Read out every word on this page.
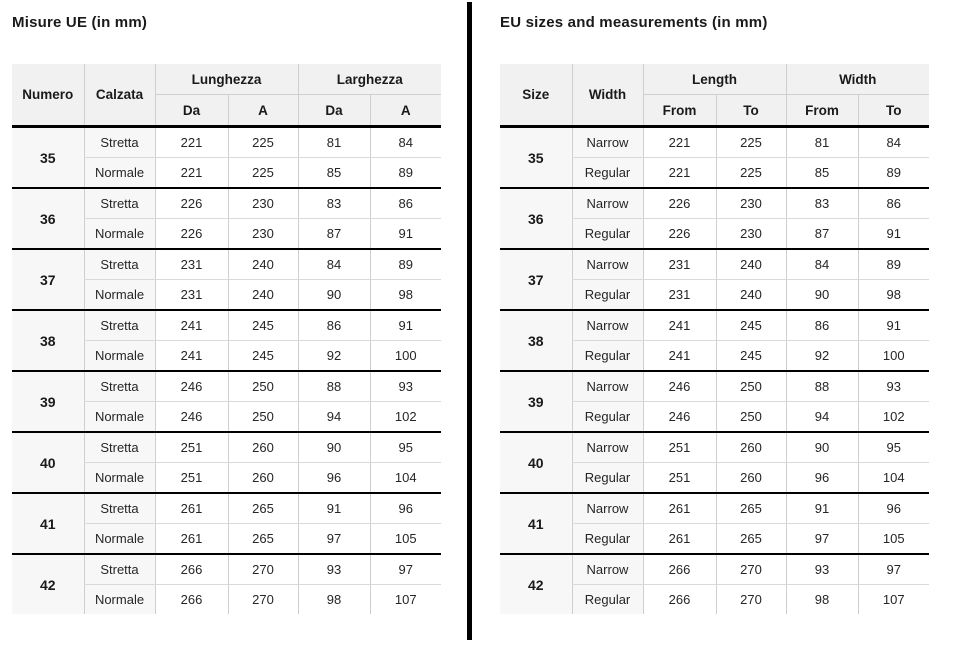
Misure UE (in mm)
Numero	Calzata	Lunghezza		Larghezza	
		Da	A	Da	A
35	Stretta	221	225	81	84
	Normale	221	225	85	89
36	Stretta	226	230	83	86
	Normale	226	230	87	91
37	Stretta	231	240	84	89
	Normale	231	240	90	98
38	Stretta	241	245	86	91
	Normale	241	245	92	100
39	Stretta	246	250	88	93
	Normale	246	250	94	102
40	Stretta	251	260	90	95
	Normale	251	260	96	104
41	Stretta	261	265	91	96
	Normale	261	265	97	105
42	Stretta	266	270	93	97
	Normale	266	270	98	107
EU sizes and measurements (in mm)
Size	Width	Length		Width	
		From	To	From	To
35	Narrow	221	225	81	84
	Regular	221	225	85	89
36	Narrow	226	230	83	86
	Regular	226	230	87	91
37	Narrow	231	240	84	89
	Regular	231	240	90	98
38	Narrow	241	245	86	91
	Regular	241	245	92	100
39	Narrow	246	250	88	93
	Regular	246	250	94	102
40	Narrow	251	260	90	95
	Regular	251	260	96	104
41	Narrow	261	265	91	96
	Regular	261	265	97	105
42	Narrow	266	270	93	97
	Regular	266	270	98	107
